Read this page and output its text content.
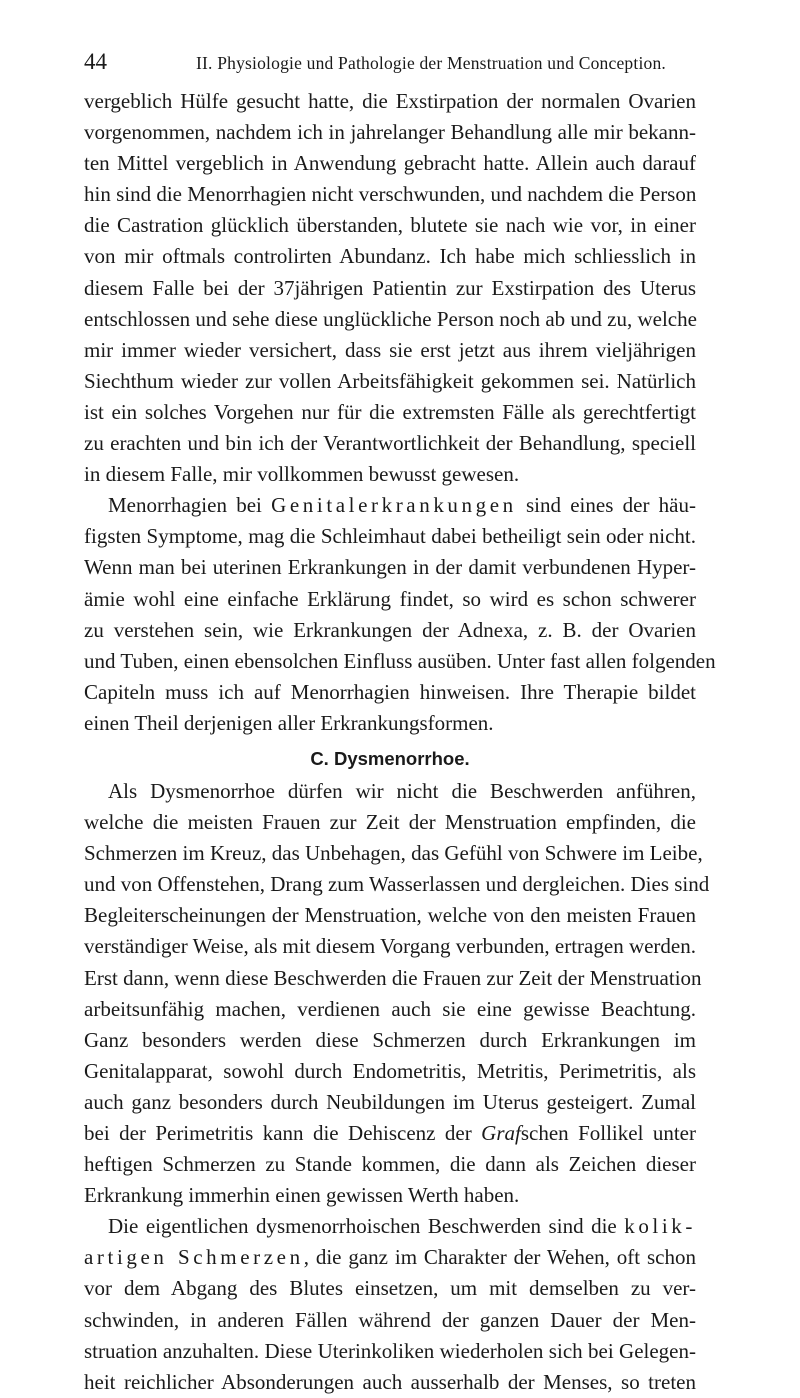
44	II. Physiologie und Pathologie der Menstruation und Conception.
vergeblich Hülfe gesucht hatte, die Exstirpation der normalen Ovarien
vorgenommen, nachdem ich in jahrelanger Behandlung alle mir bekann-
ten Mittel vergeblich in Anwendung gebracht hatte. Allein auch darauf
hin sind die Menorrhagien nicht verschwunden, und nachdem die Person
die Castration glücklich überstanden, blutete sie nach wie vor, in einer
von mir oftmals controlirten Abundanz. Ich habe mich schliesslich in
diesem Falle bei der 37jährigen Patientin zur Exstirpation des Uterus
entschlossen und sehe diese unglückliche Person noch ab und zu, welche
mir immer wieder versichert, dass sie erst jetzt aus ihrem vieljährigen
Siechthum wieder zur vollen Arbeitsfähigkeit gekommen sei. Natürlich
ist ein solches Vorgehen nur für die extremsten Fälle als gerechtfertigt
zu erachten und bin ich der Verantwortlichkeit der Behandlung, speciell
in diesem Falle, mir vollkommen bewusst gewesen.
Menorrhagien bei Genitalerkrankungen sind eines der häu-
figsten Symptome, mag die Schleimhaut dabei betheiligt sein oder nicht.
Wenn man bei uterinen Erkrankungen in der damit verbundenen Hyper-
ämie wohl eine einfache Erklärung findet, so wird es schon schwerer
zu verstehen sein, wie Erkrankungen der Adnexa, z. B. der Ovarien
und Tuben, einen ebensolchen Einfluss ausüben. Unter fast allen folgenden
Capiteln muss ich auf Menorrhagien hinweisen. Ihre Therapie bildet
einen Theil derjenigen aller Erkrankungsformen.
C. Dysmenorrhoe.
Als Dysmenorrhoe dürfen wir nicht die Beschwerden anführen,
welche die meisten Frauen zur Zeit der Menstruation empfinden, die
Schmerzen im Kreuz, das Unbehagen, das Gefühl von Schwere im Leibe,
und von Offenstehen, Drang zum Wasserlassen und dergleichen. Dies sind
Begleiterscheinungen der Menstruation, welche von den meisten Frauen
verständiger Weise, als mit diesem Vorgang verbunden, ertragen werden.
Erst dann, wenn diese Beschwerden die Frauen zur Zeit der Menstruation
arbeitsunfähig machen, verdienen auch sie eine gewisse Beachtung.
Ganz besonders werden diese Schmerzen durch Erkrankungen im
Genitalapparat, sowohl durch Endometritis, Metritis, Perimetritis, als
auch ganz besonders durch Neubildungen im Uterus gesteigert. Zumal
bei der Perimetritis kann die Dehiscenz der Grafschen Follikel unter
heftigen Schmerzen zu Stande kommen, die dann als Zeichen dieser
Erkrankung immerhin einen gewissen Werth haben.
Die eigentlichen dysmenorrhoischen Beschwerden sind die kolik-
artigen Schmerzen, die ganz im Charakter der Wehen, oft schon
vor dem Abgang des Blutes einsetzen, um mit demselben zu ver-
schwinden, in anderen Fällen während der ganzen Dauer der Men-
struation anzuhalten. Diese Uterinkoliken wiederholen sich bei Gelegen-
heit reichlicher Absonderungen auch ausserhalb der Menses, so treten
